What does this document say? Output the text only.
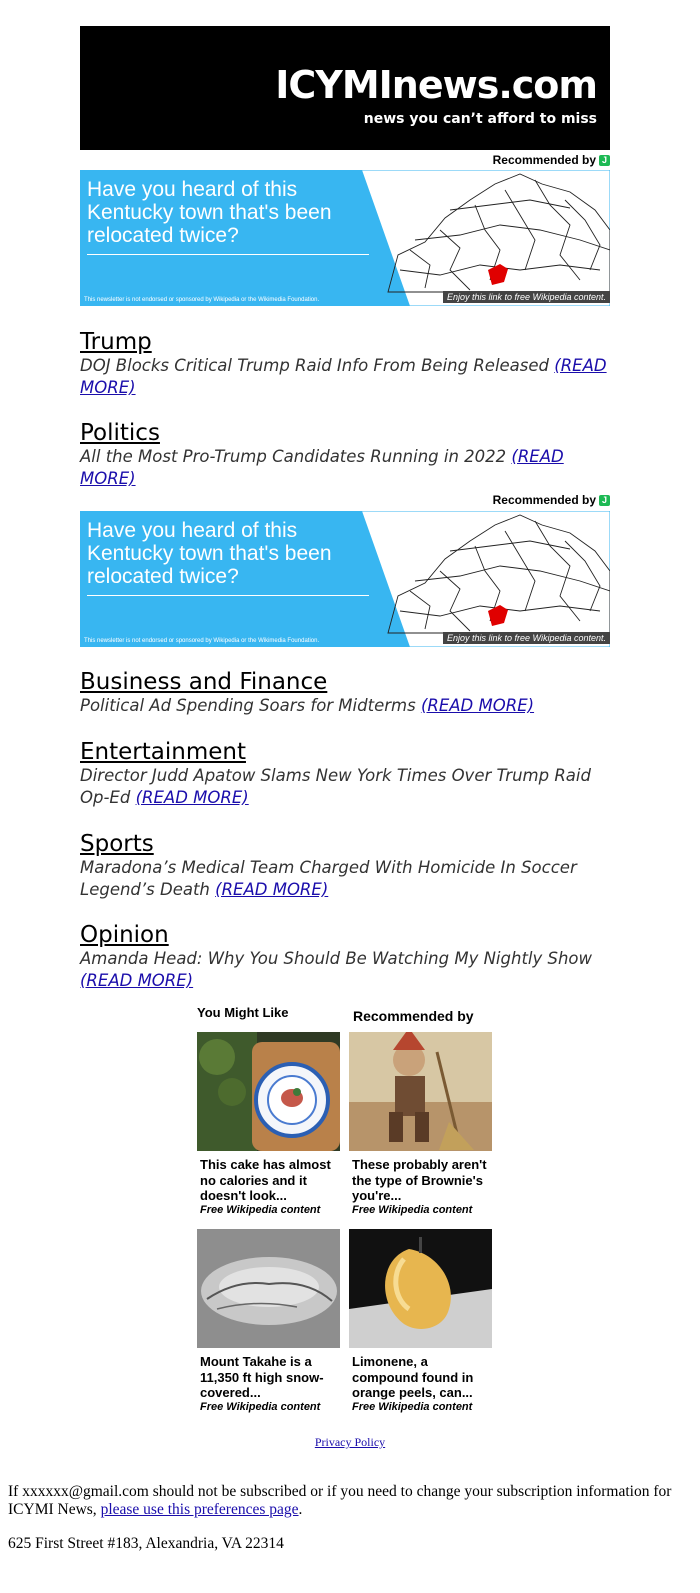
ICYMInews.com
news you can’t afford to miss
Recommended by J
Have you heard of this Kentucky town that's been relocated twice?
This newsletter is not endorsed or sponsored by Wikipedia or the Wikimedia Foundation.	Enjoy this link to free Wikipedia content.
Trump
DOJ Blocks Critical Trump Raid Info From Being Released (READ MORE)
Politics
All the Most Pro-Trump Candidates Running in 2022 (READ MORE)
Recommended by J
Have you heard of this Kentucky town that's been relocated twice?
This newsletter is not endorsed or sponsored by Wikipedia or the Wikimedia Foundation.	Enjoy this link to free Wikipedia content.
Business and Finance
Political Ad Spending Soars for Midterms (READ MORE)
Entertainment
Director Judd Apatow Slams New York Times Over Trump Raid Op-Ed (READ MORE)
Sports
Maradona’s Medical Team Charged With Homicide In Soccer Legend’s Death (READ MORE)
Opinion
Amanda Head: Why You Should Be Watching My Nightly Show (READ MORE)
You Might Like	Recommended by
This cake has almost no calories and it doesn't look...
Free Wikipedia content
These probably aren't the type of Brownie's you're...
Free Wikipedia content
Mount Takahe is a 11,350 ft high snow-covered...
Free Wikipedia content
Limonene, a compound found in orange peels, can...
Free Wikipedia content
Privacy Policy
If xxxxxx@gmail.com should not be subscribed or if you need to change your subscription information for ICYMI News, please use this preferences page.
625 First Street #183, Alexandria, VA 22314
